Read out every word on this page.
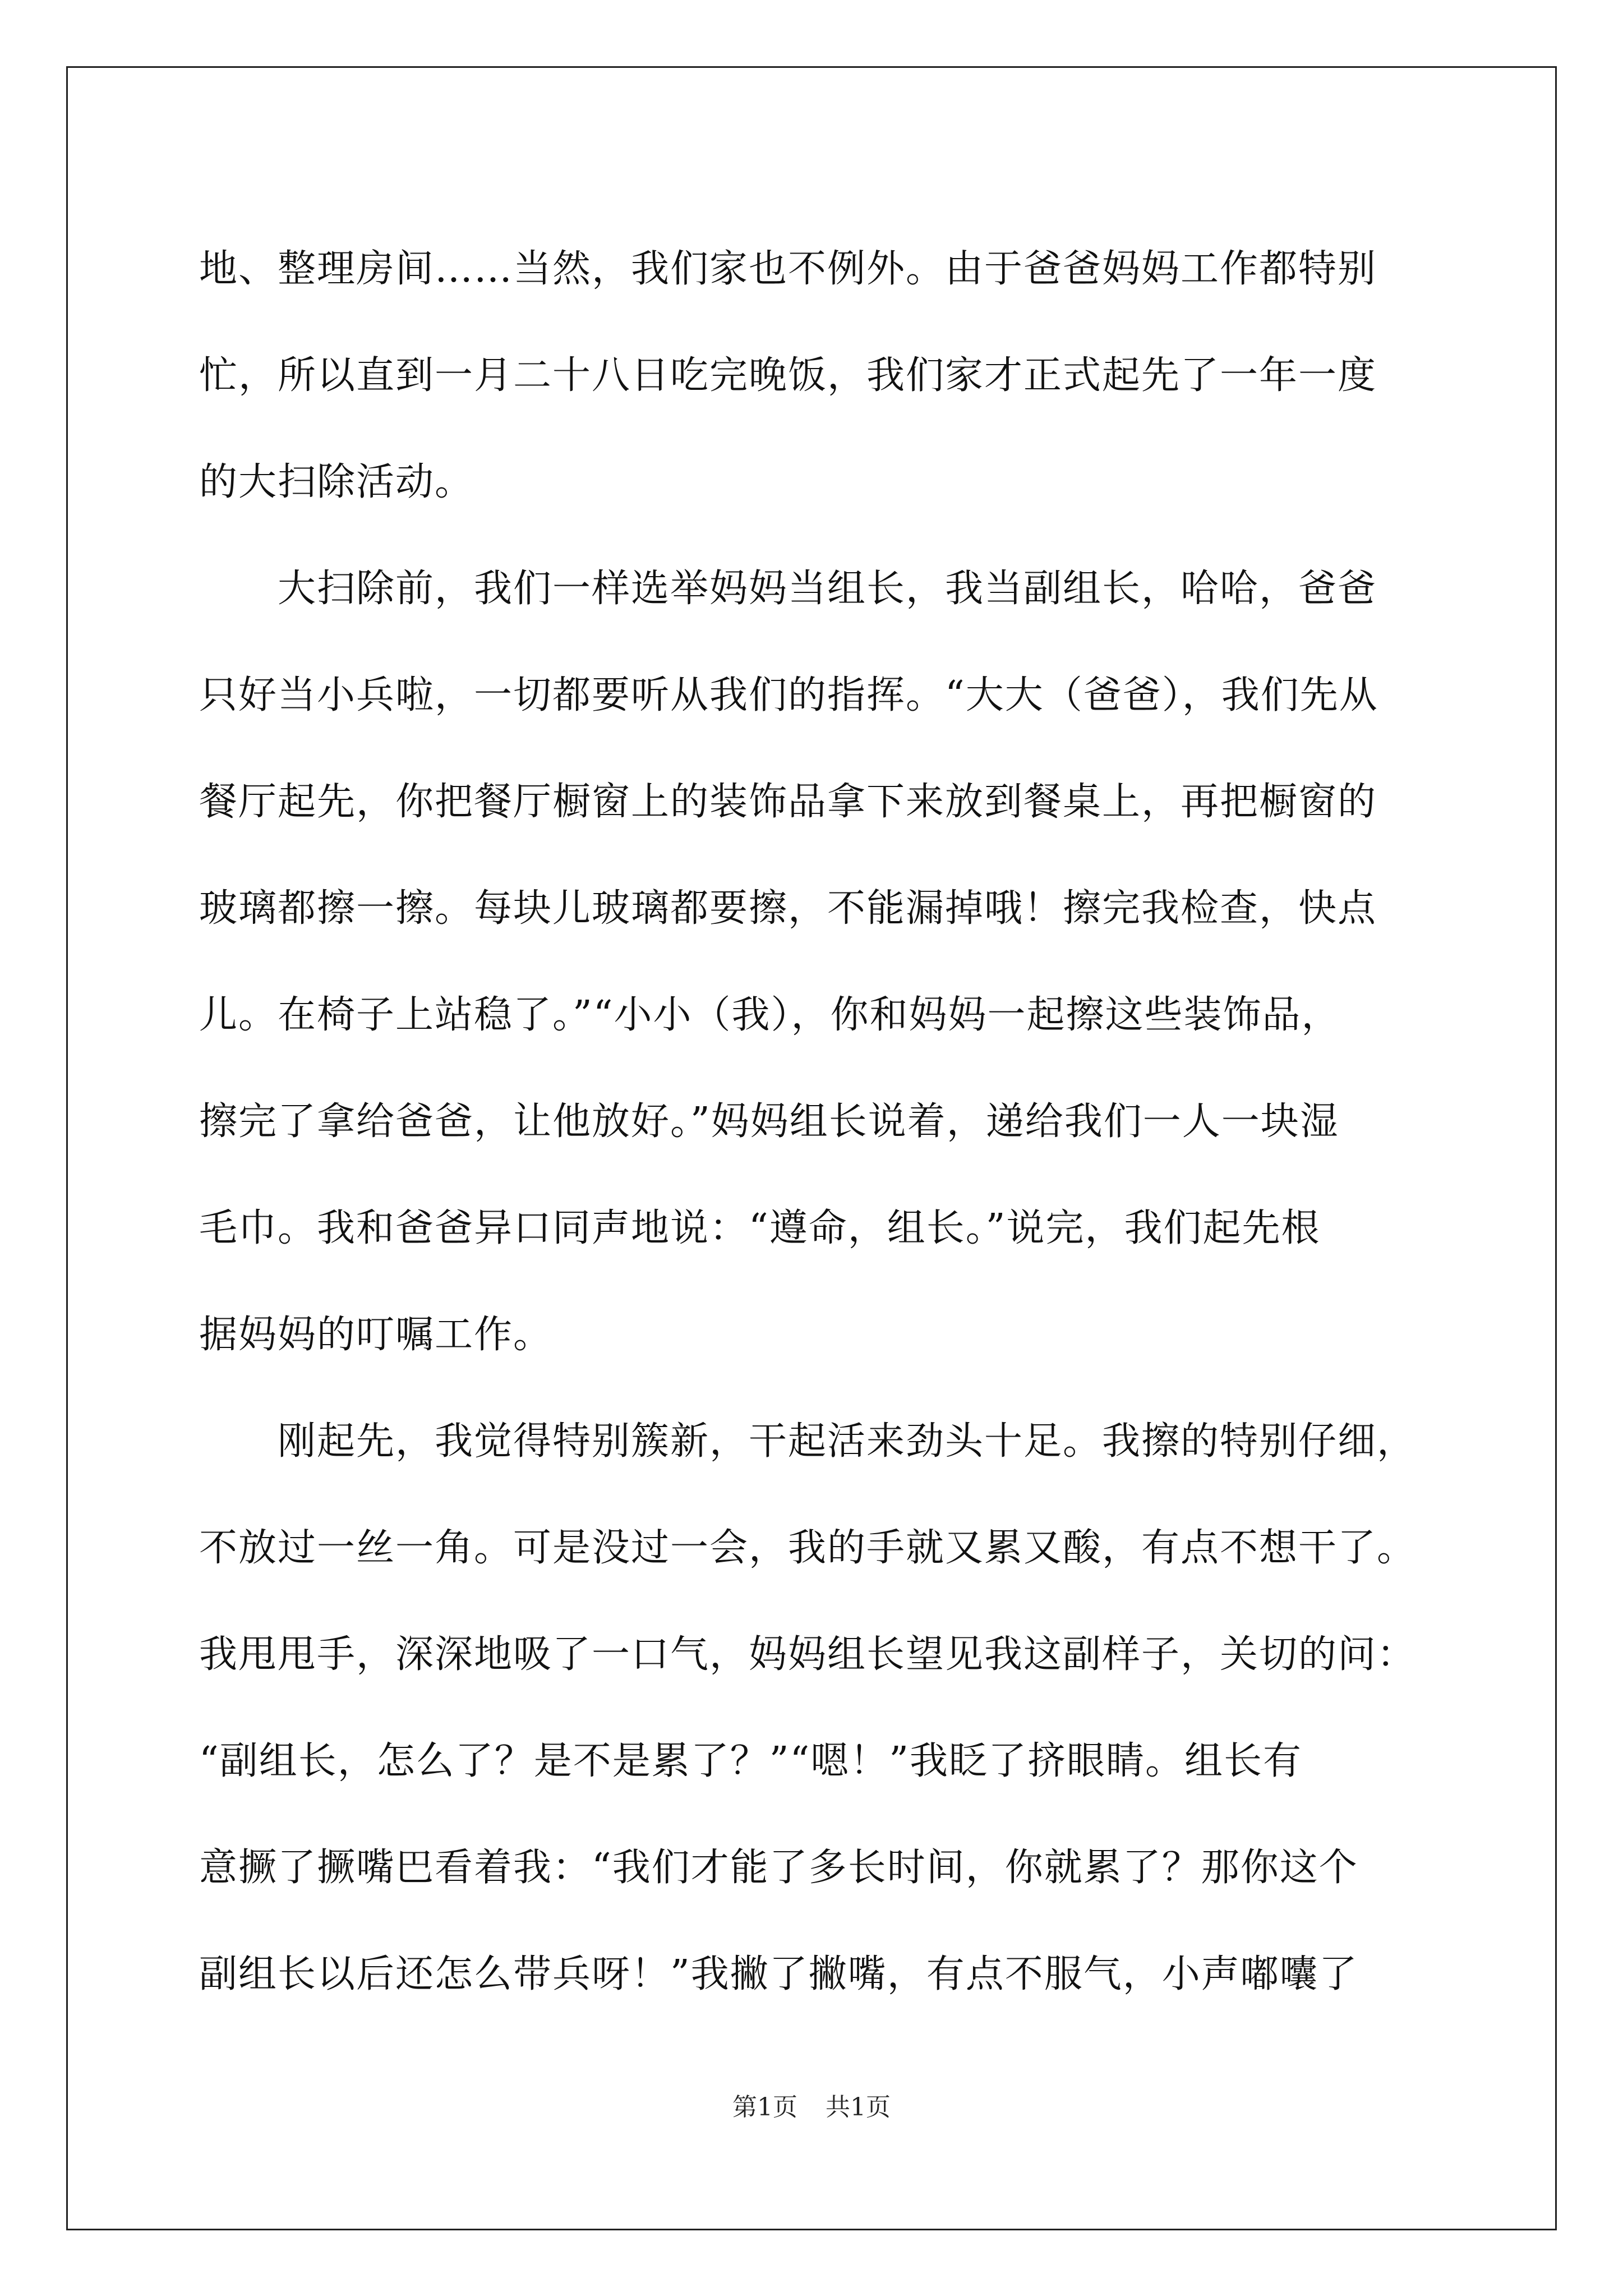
地、整理房间……当然，我们家也不例外。由于爸爸妈妈工作都特别
忙，所以直到一月二十八日吃完晚饭，我们家才正式起先了一年一度
的大扫除活动。
　　大扫除前，我们一样选举妈妈当组长，我当副组长，哈哈，爸爸
只好当小兵啦，一切都要听从我们的指挥。“大大（爸爸），我们先从
餐厅起先，你把餐厅橱窗上的装饰品拿下来放到餐桌上，再把橱窗的
玻璃都擦一擦。每块儿玻璃都要擦，不能漏掉哦！擦完我检查，快点
儿。在椅子上站稳了。”“小小（我），你和妈妈一起擦这些装饰品，
擦完了拿给爸爸，让他放好。”妈妈组长说着，递给我们一人一块湿
毛巾。我和爸爸异口同声地说：“遵命，组长。”说完，我们起先根
据妈妈的叮嘱工作。
　　刚起先，我觉得特别簇新，干起活来劲头十足。我擦的特别仔细，
不放过一丝一角。可是没过一会，我的手就又累又酸，有点不想干了。
我甩甩手，深深地吸了一口气，妈妈组长望见我这副样子，关切的问：
“副组长，怎么了？是不是累了？”“嗯！”我眨了挤眼睛。组长有
意撅了撅嘴巴看着我：“我们才能了多长时间，你就累了？那你这个
副组长以后还怎么带兵呀！”我撇了撇嘴，有点不服气，小声嘟囔了
第1页 共1页
